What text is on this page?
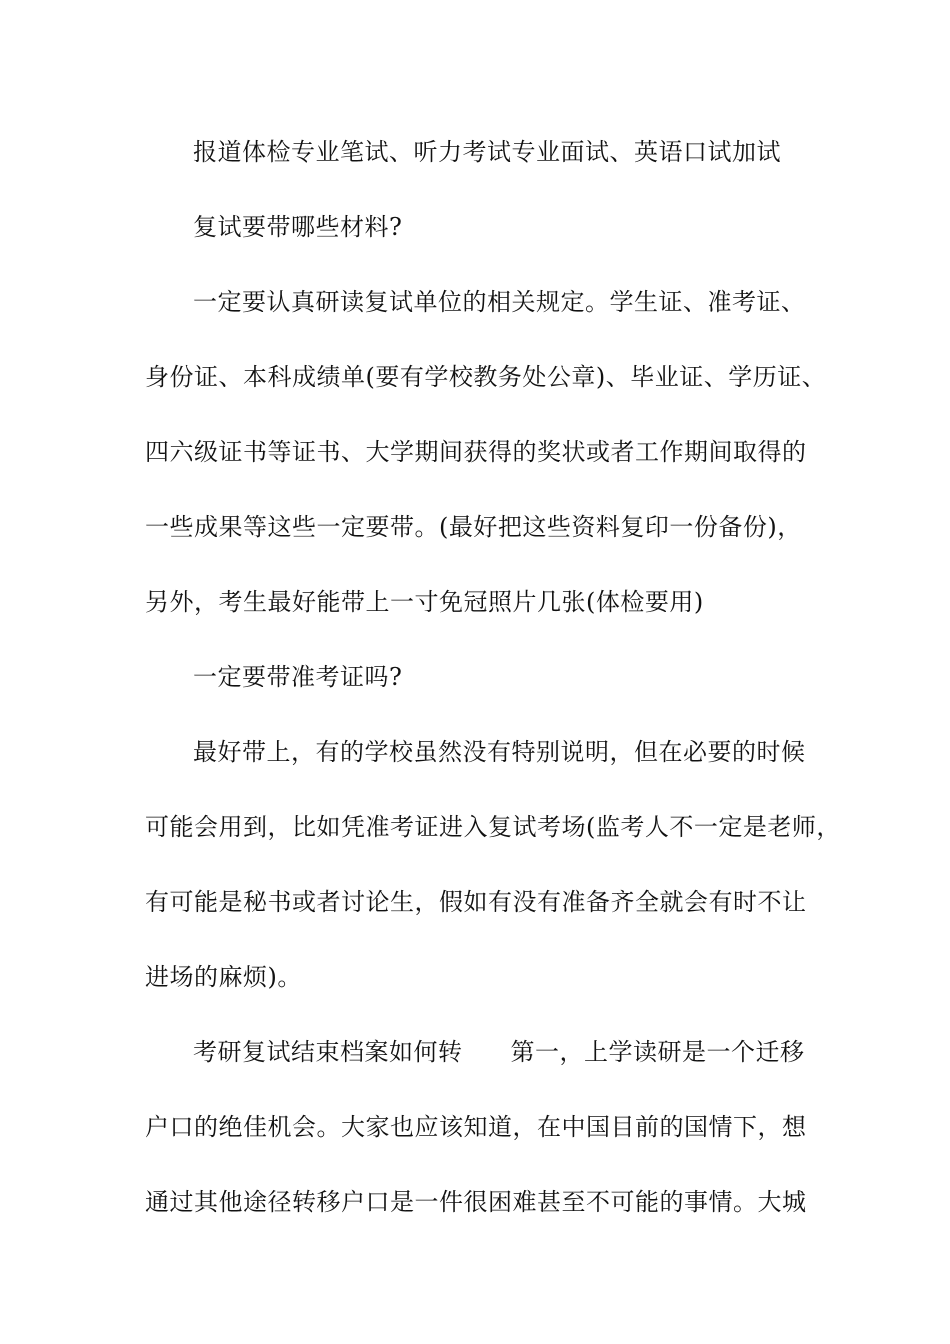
报道体检专业笔试、听力考试专业面试、英语口试加试
复试要带哪些材料?
一定要认真研读复试单位的相关规定。学生证、准考证、
身份证、本科成绩单(要有学校教务处公章)、毕业证、学历证、
四六级证书等证书、大学期间获得的奖状或者工作期间取得的
一些成果等这些一定要带。(最好把这些资料复印一份备份)，
另外，考生最好能带上一寸免冠照片几张(体检要用)
一定要带准考证吗?
最好带上，有的学校虽然没有特别说明，但在必要的时候
可能会用到，比如凭准考证进入复试考场(监考人不一定是老师，
有可能是秘书或者讨论生，假如有没有准备齐全就会有时不让
进场的麻烦)。
考研复试结束档案如何转 第一，上学读研是一个迁移
户口的绝佳机会。大家也应该知道，在中国目前的国情下，想
通过其他途径转移户口是一件很困难甚至不可能的事情。大城
